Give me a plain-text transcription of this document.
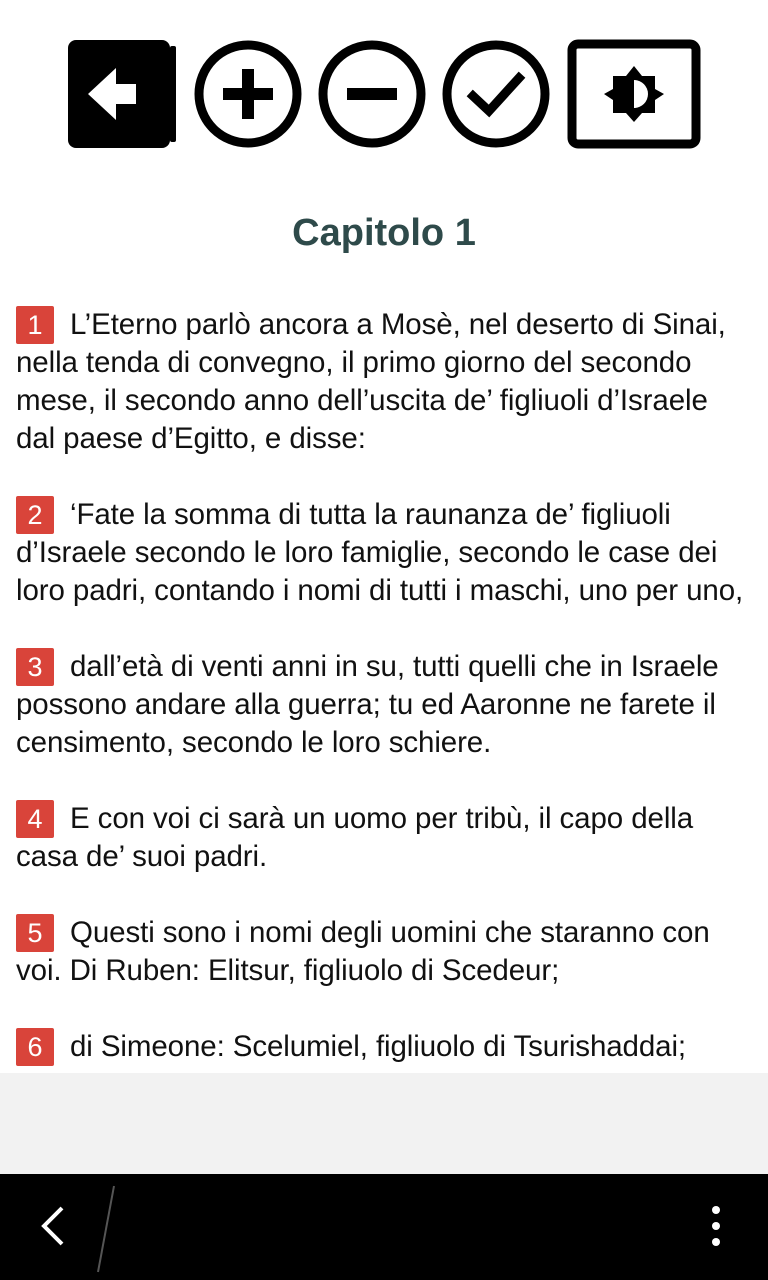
Capitolo 1
1 L’Eterno parlò ancora a Mosè, nel deserto di Sinai, nella tenda di convegno, il primo giorno del secondo mese, il secondo anno dell’uscita de’ figliuoli d’Israele dal paese d’Egitto, e disse:
2 ‘Fate la somma di tutta la raunanza de’ figliuoli d’Israele secondo le loro famiglie, secondo le case dei loro padri, contando i nomi di tutti i maschi, uno per uno,
3 dall’età di venti anni in su, tutti quelli che in Israele possono andare alla guerra; tu ed Aaronne ne farete il censimento, secondo le loro schiere.
4 E con voi ci sarà un uomo per tribù, il capo della casa de’ suoi padri.
5 Questi sono i nomi degli uomini che staranno con voi. Di Ruben: Elitsur, figliuolo di Scedeur;
6 di Simeone: Scelumiel, figliuolo di Tsurishaddai;
